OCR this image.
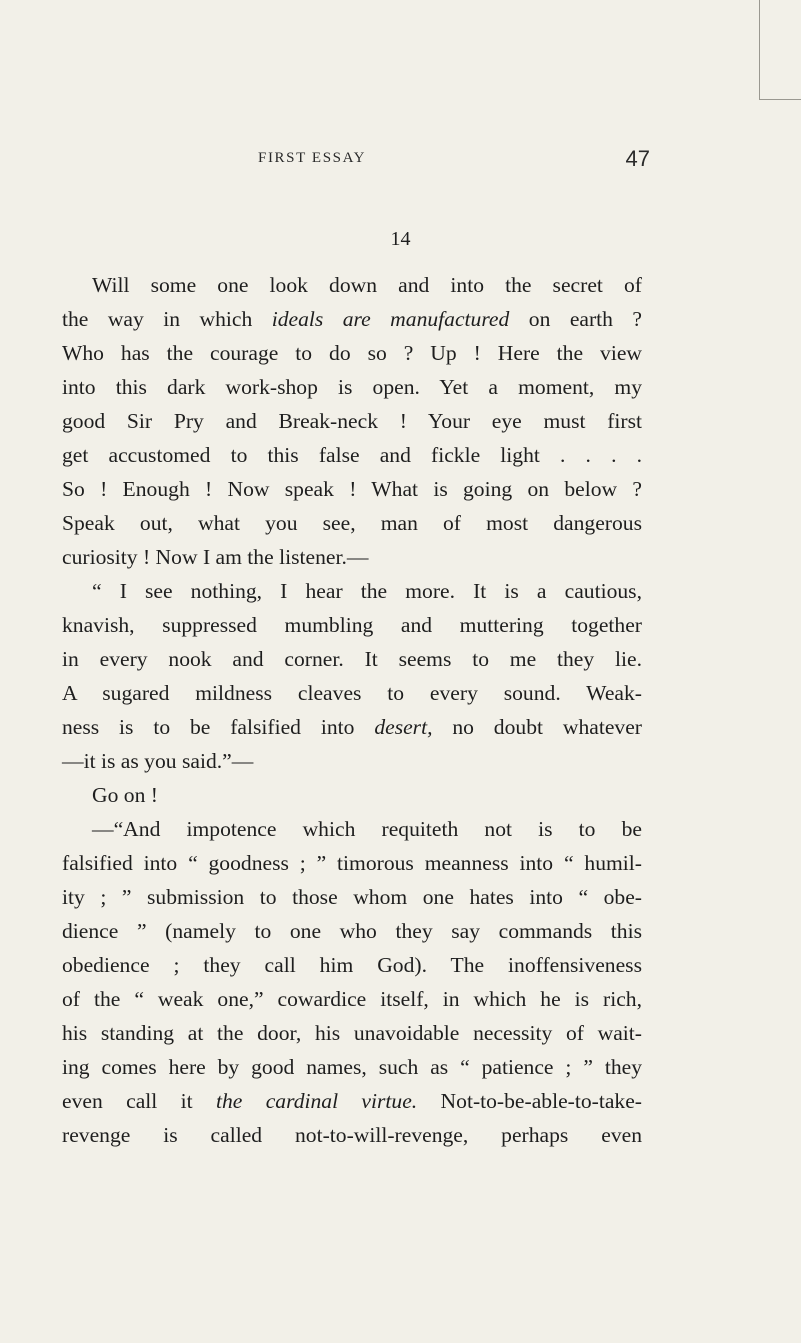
FIRST ESSAY	47
14
Will some one look down and into the secret of
the way in which ideals are manufactured on earth ?
Who has the courage to do so ? Up ! Here the view
into this dark work-shop is open. Yet a moment, my
good Sir Pry and Break-neck ! Your eye must first
get accustomed to this false and fickle light . . . .
So ! Enough ! Now speak ! What is going on below ?
Speak out, what you see, man of most dangerous
curiosity ! Now I am the listener.—
“ I see nothing, I hear the more. It is a cautious,
knavish, suppressed mumbling and muttering together
in every nook and corner. It seems to me they lie.
A sugared mildness cleaves to every sound. Weak-
ness is to be falsified into desert, no doubt whatever
—it is as you said.”—
Go on !
—“And impotence which requiteth not is to be
falsified into “ goodness ; ” timorous meanness into “ humil-
ity ; ” submission to those whom one hates into “ obe-
dience ” (namely to one who they say commands this
obedience ; they call him God). The inoffensiveness
of the “ weak one,” cowardice itself, in which he is rich,
his standing at the door, his unavoidable necessity of wait-
ing comes here by good names, such as “ patience ; ” they
even call it the cardinal virtue. Not-to-be-able-to-take-
revenge is called not-to-will-revenge, perhaps even
